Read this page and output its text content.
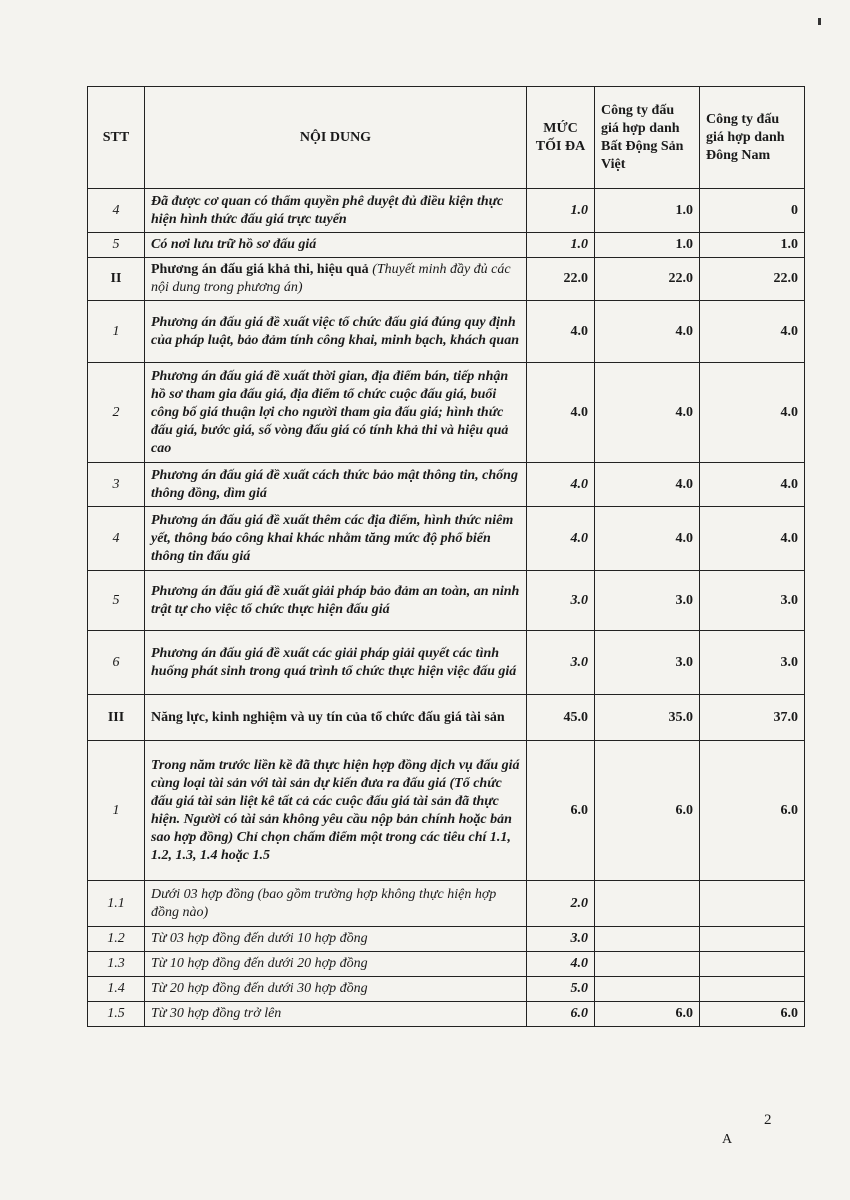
STT	NỘI DUNG	MỨC TỐI ĐA	Công ty đấu giá hợp danh Bất Động Sản Việt	Công ty đấu giá hợp danh Đông Nam
4	Đã được cơ quan có thẩm quyền phê duyệt đủ điều kiện thực hiện hình thức đấu giá trực tuyến	1.0	1.0	0
5	Có nơi lưu trữ hồ sơ đấu giá	1.0	1.0	1.0
II	Phương án đấu giá khả thi, hiệu quả (Thuyết minh đầy đủ các nội dung trong phương án)	22.0	22.0	22.0
1	Phương án đấu giá đề xuất việc tổ chức đấu giá đúng quy định của pháp luật, bảo đảm tính công khai, minh bạch, khách quan	4.0	4.0	4.0
2	Phương án đấu giá đề xuất thời gian, địa điểm bán, tiếp nhận hồ sơ tham gia đấu giá, địa điểm tổ chức cuộc đấu giá, buổi công bố giá thuận lợi cho người tham gia đấu giá; hình thức đấu giá, bước giá, số vòng đấu giá có tính khả thi và hiệu quả cao	4.0	4.0	4.0
3	Phương án đấu giá đề xuất cách thức bảo mật thông tin, chống thông đồng, dìm giá	4.0	4.0	4.0
4	Phương án đấu giá đề xuất thêm các địa điểm, hình thức niêm yết, thông báo công khai khác nhằm tăng mức độ phổ biến thông tin đấu giá	4.0	4.0	4.0
5	Phương án đấu giá đề xuất giải pháp bảo đảm an toàn, an ninh trật tự cho việc tổ chức thực hiện đấu giá	3.0	3.0	3.0
6	Phương án đấu giá đề xuất các giải pháp giải quyết các tình huống phát sinh trong quá trình tổ chức thực hiện việc đấu giá	3.0	3.0	3.0
III	Năng lực, kinh nghiệm và uy tín của tổ chức đấu giá tài sản	45.0	35.0	37.0
1	Trong năm trước liền kề đã thực hiện hợp đồng dịch vụ đấu giá cùng loại tài sản với tài sản dự kiến đưa ra đấu giá (Tổ chức đấu giá tài sản liệt kê tất cả các cuộc đấu giá tài sản đã thực hiện. Người có tài sản không yêu cầu nộp bản chính hoặc bản sao hợp đồng) Chỉ chọn chấm điểm một trong các tiêu chí 1.1, 1.2, 1.3, 1.4 hoặc 1.5	6.0	6.0	6.0
1.1	Dưới 03 hợp đồng (bao gồm trường hợp không thực hiện hợp đồng nào)	2.0		
1.2	Từ 03 hợp đồng đến dưới 10 hợp đồng	3.0		
1.3	Từ 10 hợp đồng đến dưới 20 hợp đồng	4.0		
1.4	Từ 20 hợp đồng đến dưới 30 hợp đồng	5.0		
1.5	Từ 30 hợp đồng trở lên	6.0	6.0	6.0
2
A
